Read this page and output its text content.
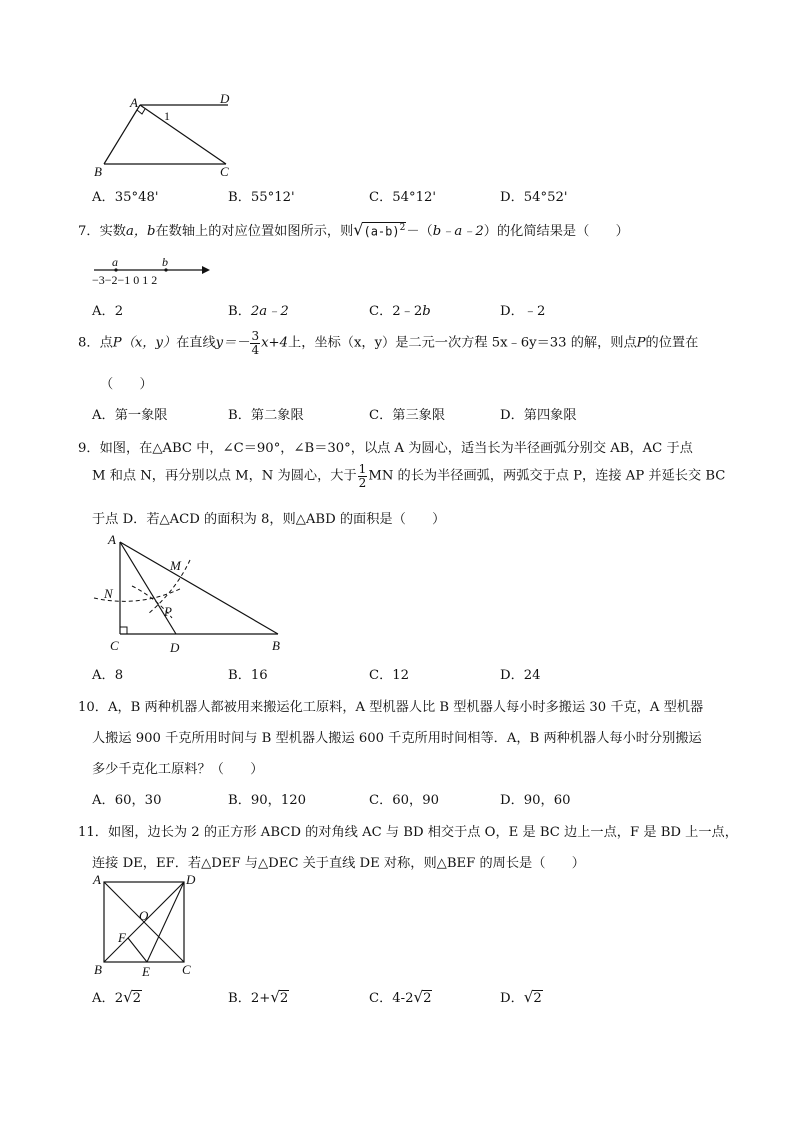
A	D
1
B	C
A．35°48'	B．55°12'	C．54°12'	D．54°52'
7．实数a，b在数轴上的对应位置如图所示，则$√(a-b)^2-(b﹣a﹣2)$的化简结果是（　　）
a	b
−3−2−1 0 1 2
A．2	B．2a﹣2	C．2﹣2b	D．﹣2
8．点P（x，y）在直线$y=- \frac{3}{4} x+4$上，坐标（x，y）是二元一次方程 5x﹣6y＝33 的解，则点P的位置在
（　　）
A．第一象限	B．第二象限	C．第三象限	D．第四象限
9．如图，在△ABC 中，∠C＝90°，∠B＝30°，以点 A 为圆心，适当长为半径画弧分别交 AB，AC 于点
M 和点 N，再分别以点 M，N 为圆心，大于 $\frac{1}{2}$ MN 的长为半径画弧，两弧交于点 P，连接 AP 并延长交 BC
于点 D．若△ACD 的面积为 8，则△ABD 的面积是（　　）
A
M
N
P
C	D	B
A．8	B．16	C．12	D．24
10．A，B 两种机器人都被用来搬运化工原料，A 型机器人比 B 型机器人每小时多搬运 30 千克，A 型机器
人搬运 900 千克所用时间与 B 型机器人搬运 600 千克所用时间相等．A，B 两种机器人每小时分别搬运
多少千克化工原料？（　　）
A．60，30	B．90，120	C．60，90	D．90，60
11．如图，边长为 2 的正方形 ABCD 的对角线 AC 与 BD 相交于点 O，E 是 BC 边上一点，F 是 BD 上一点，
连接 DE，EF．若△DEF 与△DEC 关于直线 DE 对称，则△BEF 的周长是（　　）
A	D
O
F
B	E C
A．2√2	B．2+√2	C．4-2√2	D．√2
